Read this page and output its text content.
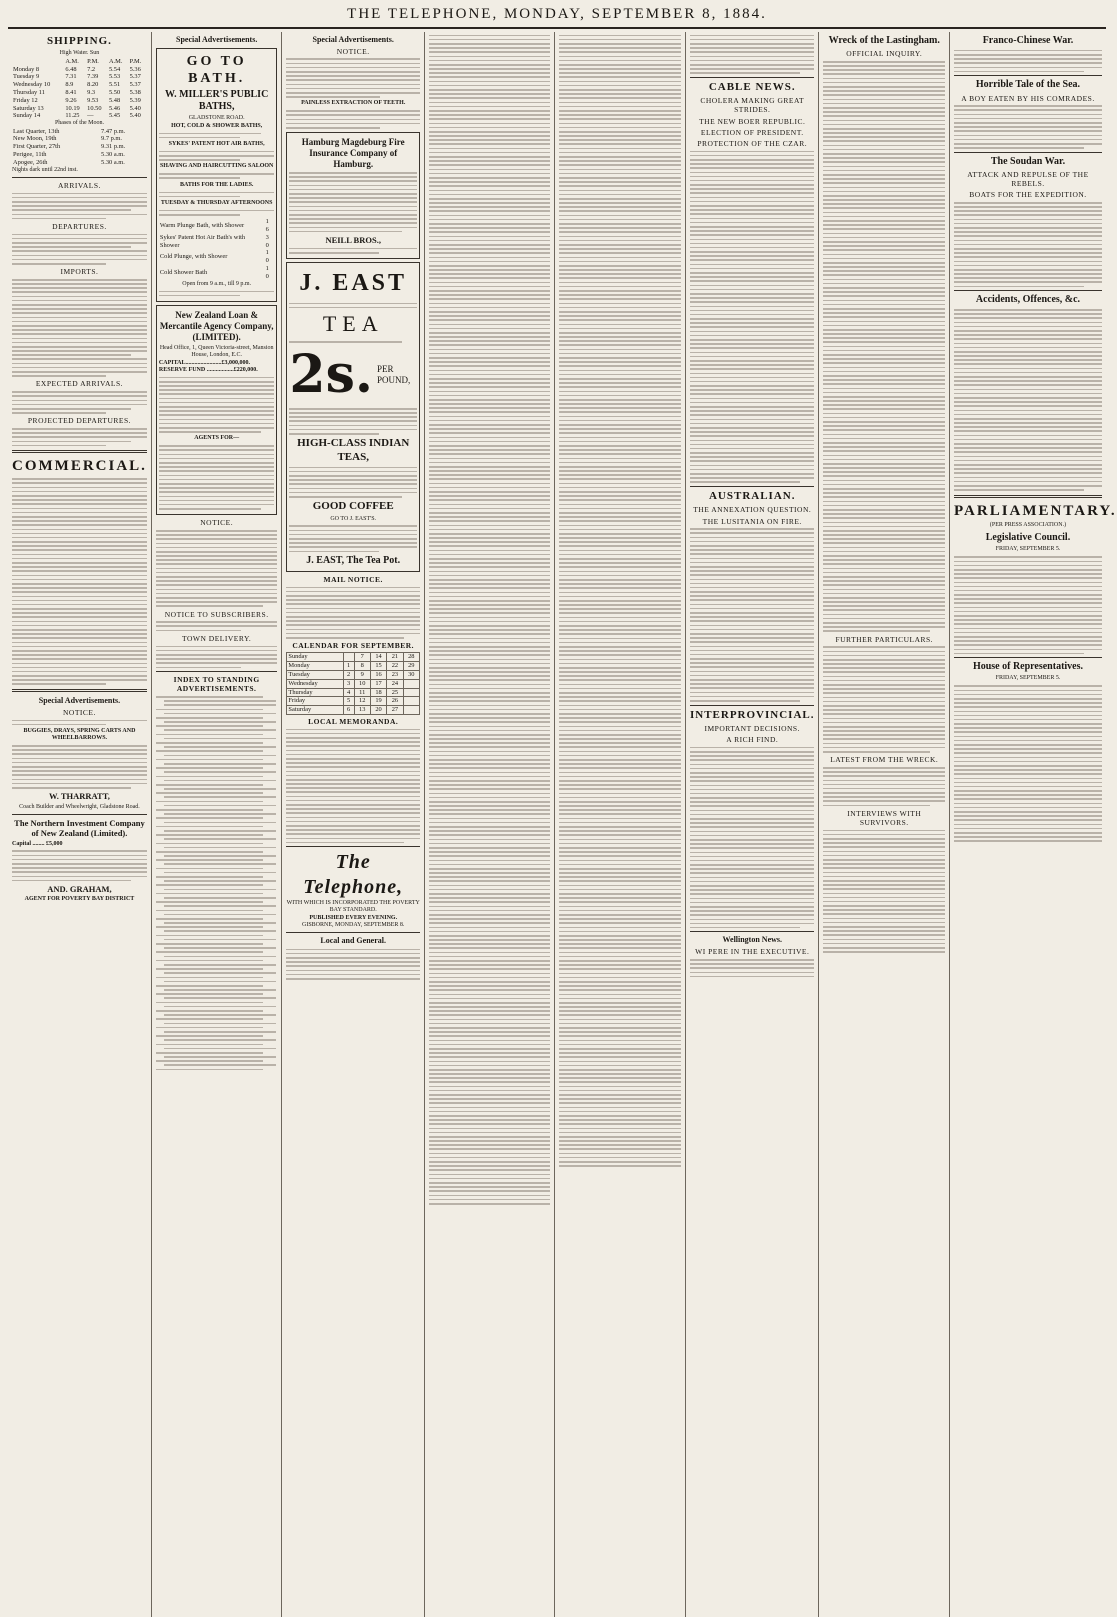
THE TELEPHONE, MONDAY, SEPTEMBER 8, 1884.
SHIPPING.
High Water. Sun
	A.M.	P.M.	A.M.	P.M.
Monday 8	6.48	7.2	5.54	5.36
Tuesday 9	7.31	7.39	5.53	5.37
Wednesday 10	8.9	8.20	5.51	5.37
Thursday 11	8.41	9.3	5.50	5.38
Friday 12	9.26	9.53	5.48	5.39
Saturday 13	10.19	10.50	5.46	5.40
Sunday 14	11.25	—	5.45	5.40
Phases of the Moon.
Last Quarter, 13th	7.47 p.m.
New Moon, 19th	9.7 p.m.
First Quarter, 27th	9.31 p.m.
Perigee, 11th	5.30 a.m.
Apogee, 26th	5.30 a.m.
Nights dark until 22nd inst.
ARRIVALS.
DEPARTURES.
IMPORTS.
EXPECTED ARRIVALS.
PROJECTED DEPARTURES.
COMMERCIAL.
Special Advertisements.
NOTICE.
BUGGIES, DRAYS, SPRING CARTS AND WHEELBARROWS.
W. THARRATT,
Coach Builder and Wheelwright, Gladstone Road.
The Northern Investment Company of New Zealand (Limited).
Capital ........ £5,000
AND. GRAHAM,
AGENT FOR POVERTY BAY DISTRICT
Special Advertisements.
GO TO BATH.
W. MILLER'S PUBLIC BATHS,
GLADSTONE ROAD.
HOT, COLD & SHOWER BATHS,
SYKES' PATENT HOT AIR BATHS,
SHAVING AND HAIRCUTTING SALOON
BATHS FOR THE LADIES.
TUESDAY & THURSDAY AFTERNOONS
Warm Plunge Bath, with Shower	1 6
Sykes' Patent Hot Air Bath's with Shower	3 0
Cold Plunge, with Shower	1 0
Cold Shower Bath	1 0
Open from 9 a.m., till 9 p.m.
New Zealand Loan & Mercantile Agency Company, (LIMITED).
Head Office, 1, Queen Victoria-street, Mansion House, London, E.C.
CAPITAL........................£3,000,000.
RESERVE FUND ..................£220,000.
AGENTS FOR—
NOTICE.
NOTICE TO SUBSCRIBERS.
TOWN DELIVERY.
INDEX TO STANDING ADVERTISEMENTS.
Special Advertisements.
NOTICE.
PAINLESS EXTRACTION OF TEETH.
Hamburg Magdeburg Fire Insurance Company of Hamburg.
NEILL BROS.,
J. EAST
TEA
2s. PER POUND,
HIGH-CLASS INDIAN TEAS,
GOOD COFFEE
GO TO J. EAST'S.
J. EAST, The Tea Pot.
MAIL NOTICE.
CALENDAR FOR SEPTEMBER.
Sunday		7	14	21	28
Monday	1	8	15	22	29
Tuesday	2	9	16	23	30
Wednesday	3	10	17	24	
Thursday	4	11	18	25	
Friday	5	12	19	26	
Saturday	6	13	20	27	
LOCAL MEMORANDA.
The Telephone,
WITH WHICH IS INCORPORATED THE POVERTY BAY STANDARD.
PUBLISHED EVERY EVENING.
GISBORNE, MONDAY, SEPTEMBER 8.
Local and General.
CABLE NEWS.
CHOLERA MAKING GREAT STRIDES.
THE NEW BOER REPUBLIC.
ELECTION OF PRESIDENT.
PROTECTION OF THE CZAR.
AUSTRALIAN.
THE ANNEXATION QUESTION.
THE LUSITANIA ON FIRE.
INTERPROVINCIAL.
IMPORTANT DECISIONS.
A RICH FIND.
Wellington News.
WI PERE IN THE EXECUTIVE.
Wreck of the Lastingham.
OFFICIAL INQUIRY.
FURTHER PARTICULARS.
LATEST FROM THE WRECK.
INTERVIEWS WITH SURVIVORS.
Franco-Chinese War.
Horrible Tale of the Sea.
A BOY EATEN BY HIS COMRADES.
The Soudan War.
ATTACK AND REPULSE OF THE REBELS.
BOATS FOR THE EXPEDITION.
Accidents, Offences, &c.
PARLIAMENTARY.
(PER PRESS ASSOCIATION.)
Legislative Council.
FRIDAY, SEPTEMBER 5.
House of Representatives.
FRIDAY, SEPTEMBER 5.
